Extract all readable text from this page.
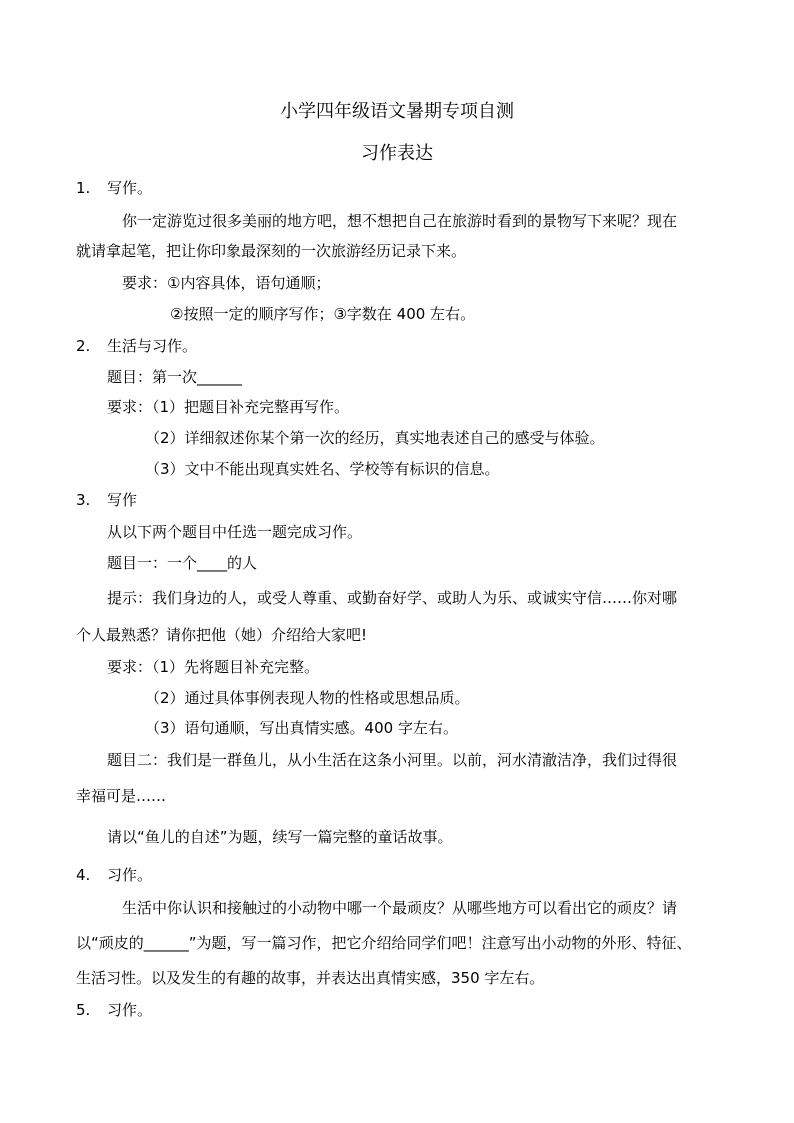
小学四年级语文暑期专项自测
习作表达
1. 写作。
你一定游览过很多美丽的地方吧，想不想把自己在旅游时看到的景物写下来呢？现在
就请拿起笔，把让你印象最深刻的一次旅游经历记录下来。
要求：①内容具体，语句通顺；
②按照一定的顺序写作；③字数在 400 左右。
2. 生活与习作。
题目：第一次______
要求：（1）把题目补充完整再写作。
（2）详细叙述你某个第一次的经历，真实地表述自己的感受与体验。
（3）文中不能出现真实姓名、学校等有标识的信息。
3. 写作
从以下两个题目中任选一题完成习作。
题目一：一个____的人
提示：我们身边的人，或受人尊重、或勤奋好学、或助人为乐、或诚实守信……你对哪
个人最熟悉？请你把他（她）介绍给大家吧!
要求：（1）先将题目补充完整。
（2）通过具体事例表现人物的性格或思想品质。
（3）语句通顺，写出真情实感。400 字左右。
题目二：我们是一群鱼儿，从小生活在这条小河里。以前，河水清澈洁净，我们过得很
幸福可是……
请以“鱼儿的自述”为题，续写一篇完整的童话故事。
4. 习作。
生活中你认识和接触过的小动物中哪一个最顽皮？从哪些地方可以看出它的顽皮？请
以“顽皮的______”为题，写一篇习作，把它介绍给同学们吧！注意写出小动物的外形、特征、
生活习性。以及发生的有趣的故事，并表达出真情实感，350 字左右。
5. 习作。
